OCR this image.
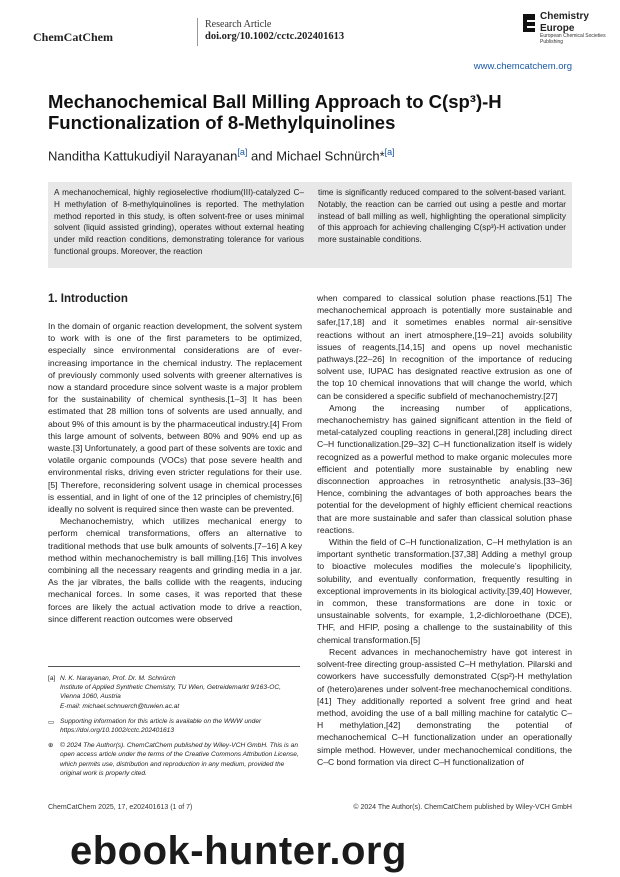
ChemCatChem
Research Article
doi.org/10.1002/cctc.202401613
Chemistry
Europe
European Chemical Societies Publishing
www.chemcatchem.org
Mechanochemical Ball Milling Approach to C(sp³)-H Functionalization of 8-Methylquinolines
Nanditha Kattukudiyil Narayanan[a] and Michael Schnürch*[a]
A mechanochemical, highly regioselective rhodium(III)-catalyzed C–H methylation of 8-methylquinolines is reported. The methylation method reported in this study, is often solvent-free or uses minimal solvent (liquid assisted grinding), operates without external heating under mild reaction conditions, demonstrating tolerance for various functional groups. Moreover, the reaction
time is significantly reduced compared to the solvent-based variant. Notably, the reaction can be carried out using a pestle and mortar instead of ball milling as well, highlighting the operational simplicity of this approach for achieving challenging C(sp³)-H activation under more sustainable conditions.
1. Introduction

In the domain of organic reaction development, the solvent system to work with is one of the first parameters to be optimized, especially since environmental considerations are of ever-increasing importance in the chemical industry. The replacement of previously commonly used solvents with greener alternatives is now a standard procedure since solvent waste is a major problem for the sustainability of chemical synthesis.[1–3] It has been estimated that 28 million tons of solvents are used annually, and about 9% of this amount is by the pharmaceutical industry.[4] From this large amount of solvents, between 80% and 90% end up as waste.[3] Unfortunately, a good part of these solvents are toxic and volatile organic compounds (VOCs) that pose severe health and environmental risks, driving even stricter regulations for their use.[5] Therefore, reconsidering solvent usage in chemical processes is essential, and in light of one of the 12 principles of chemistry,[6] ideally no solvent is required since then waste can be prevented.

Mechanochemistry, which utilizes mechanical energy to perform chemical transformations, offers an alternative to traditional methods that use bulk amounts of solvents.[7–16] A key method within mechanochemistry is ball milling.[16] This involves combining all the necessary reagents and grinding media in a jar. As the jar vibrates, the balls collide with the reagents, inducing mechanical forces. In some cases, it was reported that these forces are likely the actual activation mode to drive a reaction, since different reaction outcomes were observed

when compared to classical solution phase reactions.[51] The mechanochemical approach is potentially more sustainable and safer,[17,18] and it sometimes enables normal air-sensitive reactions without an inert atmosphere,[19–21] avoids solubility issues of reagents,[14,15] and opens up novel mechanistic pathways.[22–26] In recognition of the importance of reducing solvent use, IUPAC has designated reactive extrusion as one of the top 10 chemical innovations that will change the world, which can be considered a specific subfield of mechanochemistry.[27]

Among the increasing number of applications, mechanochemistry has gained significant attention in the field of metal-catalyzed coupling reactions in general,[28] including direct C–H functionalization.[29–32] C–H functionalization itself is widely recognized as a powerful method to make organic molecules more efficient and potentially more sustainable by enabling new disconnection approaches in retrosynthetic analysis.[33–36] Hence, combining the advantages of both approaches bears the potential for the development of highly efficient chemical reactions that are more sustainable and safer than classical solution phase reactions.

Within the field of C–H functionalization, C–H methylation is an important synthetic transformation.[37,38] Adding a methyl group to bioactive molecules modifies the molecule’s lipophilicity, solubility, and eventually conformation, frequently resulting in exceptional improvements in its biological activity.[39,40] However, in common, these transformations are done in toxic or unsustainable solvents, for example, 1,2-dichloroethane (DCE), THF, and HFIP, posing a challenge to the sustainability of this chemical transformation.[5]

Recent advances in mechanochemistry have got interest in solvent-free directing group-assisted C–H methylation. Pilarski and coworkers have successfully demonstrated C(sp²)-H methylation of (hetero)arenes under solvent-free mechanochemical conditions.[41] They additionally reported a solvent free grind and heat method, avoiding the use of a ball milling machine for catalytic C–H methylation,[42] demonstrating the potential of mechanochemical C–H functionalization under an operationally simple method. However, under mechanochemical conditions, the C–C bond formation via direct C–H functionalization of

[a] N. K. Narayanan, Prof. Dr. M. Schnürch
Institute of Applied Synthetic Chemistry, TU Wien, Getreidemarkt 9/163-OC, Vienna 1060, Austria
E-mail: michael.schnuerch@tuwien.ac.at
▭ Supporting information for this article is available on the WWW under https://doi.org/10.1002/cctc.202401613
⊕ © 2024 The Author(s). ChemCatChem published by Wiley-VCH GmbH. This is an open access article under the terms of the Creative Commons Attribution License, which permits use, distribution and reproduction in any medium, provided the original work is properly cited.
ChemCatChem 2025, 17, e202401613 (1 of 7)	© 2024 The Author(s). ChemCatChem published by Wiley-VCH GmbH
ebook-hunter.org
